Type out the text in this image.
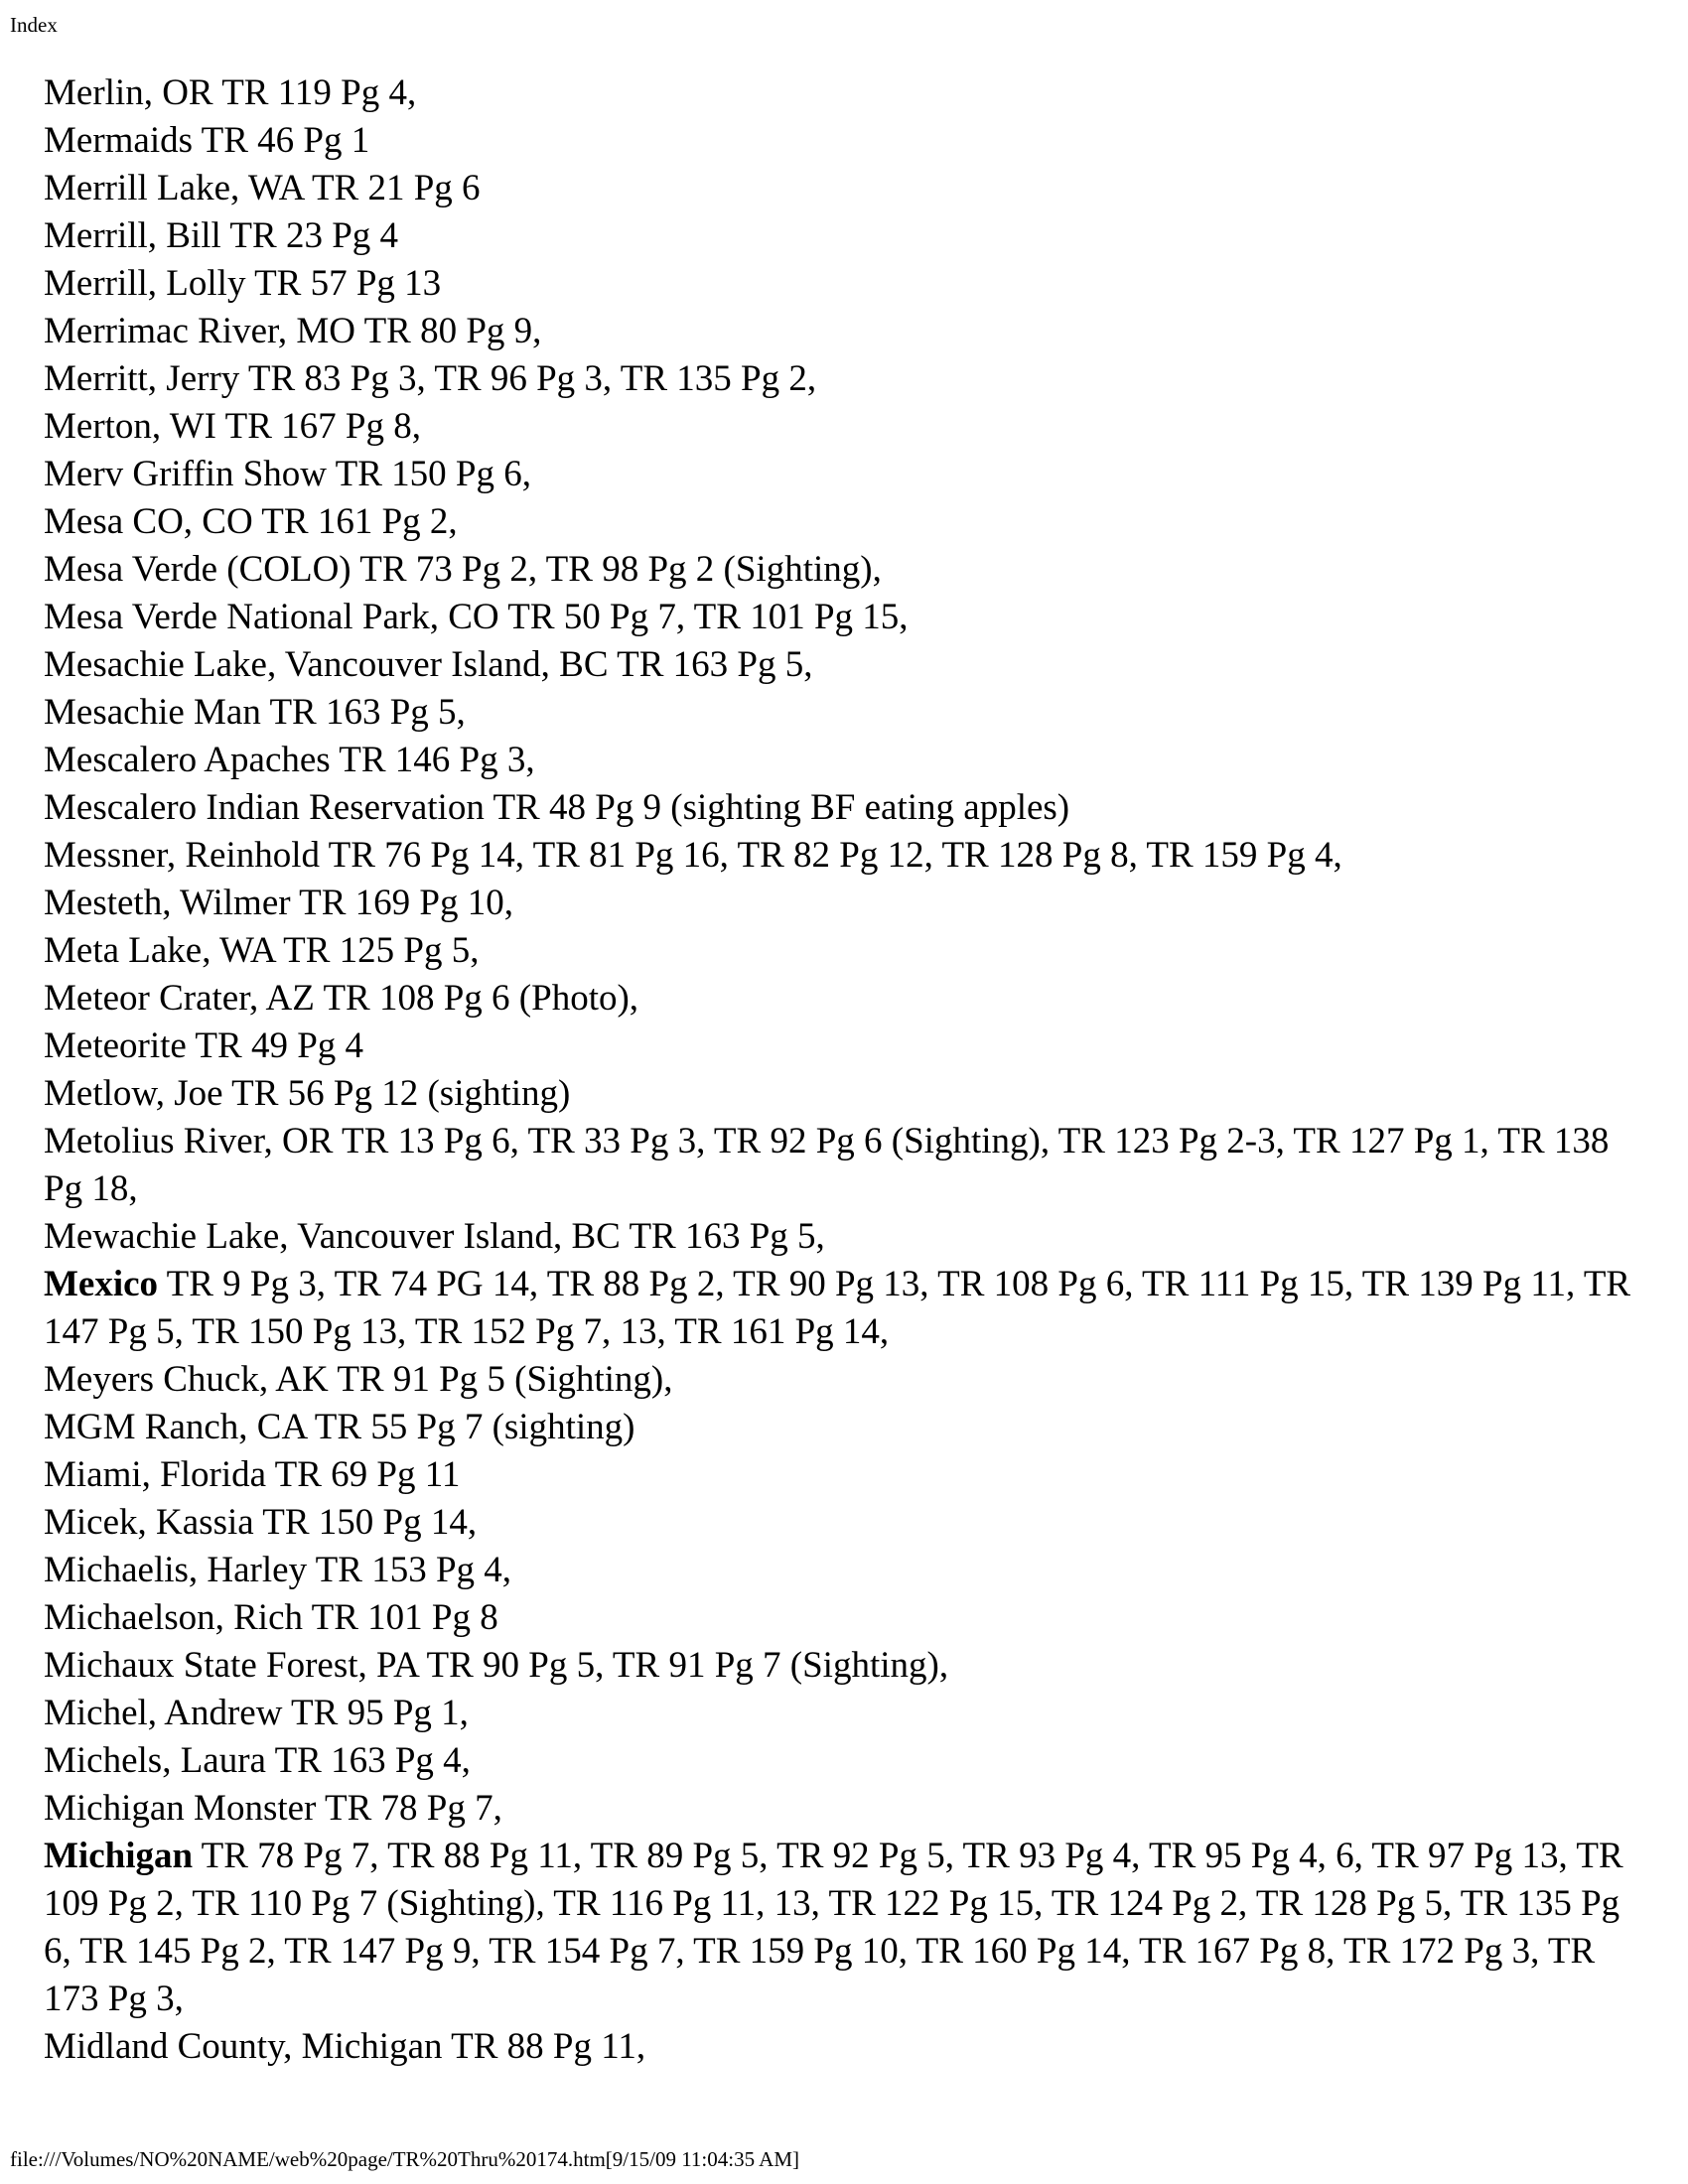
Index
Merlin, OR TR 119 Pg 4,
Mermaids TR 46 Pg 1
Merrill Lake, WA TR 21 Pg 6
Merrill, Bill TR 23 Pg 4
Merrill, Lolly TR 57 Pg 13
Merrimac River, MO TR 80 Pg 9,
Merritt, Jerry TR 83 Pg 3, TR 96 Pg 3, TR 135 Pg 2,
Merton, WI TR 167 Pg 8,
Merv Griffin Show TR 150 Pg 6,
Mesa CO, CO TR 161 Pg 2,
Mesa Verde (COLO) TR 73 Pg 2, TR 98 Pg 2 (Sighting),
Mesa Verde National Park, CO TR 50 Pg 7, TR 101 Pg 15,
Mesachie Lake, Vancouver Island, BC TR 163 Pg 5,
Mesachie Man TR 163 Pg 5,
Mescalero Apaches TR 146 Pg 3,
Mescalero Indian Reservation TR 48 Pg 9 (sighting BF eating apples)
Messner, Reinhold TR 76 Pg 14, TR 81 Pg 16, TR 82 Pg 12, TR 128 Pg 8, TR 159 Pg 4,
Mesteth, Wilmer TR 169 Pg 10,
Meta Lake, WA TR 125 Pg 5,
Meteor Crater, AZ TR 108 Pg 6 (Photo),
Meteorite TR 49 Pg 4
Metlow, Joe TR 56 Pg 12 (sighting)
Metolius River, OR TR 13 Pg 6, TR 33 Pg 3, TR 92 Pg 6 (Sighting), TR 123 Pg 2-3, TR 127 Pg 1, TR 138 Pg 18,
Mewachie Lake, Vancouver Island, BC TR 163 Pg 5,
Mexico TR 9 Pg 3, TR 74 PG 14, TR 88 Pg 2, TR 90 Pg 13, TR 108 Pg 6, TR 111 Pg 15, TR 139 Pg 11, TR 147 Pg 5, TR 150 Pg 13, TR 152 Pg 7, 13, TR 161 Pg 14,
Meyers Chuck, AK TR 91 Pg 5 (Sighting),
MGM Ranch, CA TR 55 Pg 7 (sighting)
Miami, Florida TR 69 Pg 11
Micek, Kassia TR 150 Pg 14,
Michaelis, Harley TR 153 Pg 4,
Michaelson, Rich TR 101 Pg 8
Michaux State Forest, PA TR 90 Pg 5, TR 91 Pg 7 (Sighting),
Michel, Andrew TR 95 Pg 1,
Michels, Laura TR 163 Pg 4,
Michigan Monster TR 78 Pg 7,
Michigan TR 78 Pg 7, TR 88 Pg 11, TR 89 Pg 5, TR 92 Pg 5, TR 93 Pg 4, TR 95 Pg 4, 6, TR 97 Pg 13, TR 109 Pg 2, TR 110 Pg 7 (Sighting), TR 116 Pg 11, 13, TR 122 Pg 15, TR 124 Pg 2, TR 128 Pg 5, TR 135 Pg 6, TR 145 Pg 2, TR 147 Pg 9, TR 154 Pg 7, TR 159 Pg 10, TR 160 Pg 14, TR 167 Pg 8, TR 172 Pg 3, TR 173 Pg 3,
Midland County, Michigan TR 88 Pg 11,
file:///Volumes/NO%20NAME/web%20page/TR%20Thru%20174.htm[9/15/09 11:04:35 AM]
